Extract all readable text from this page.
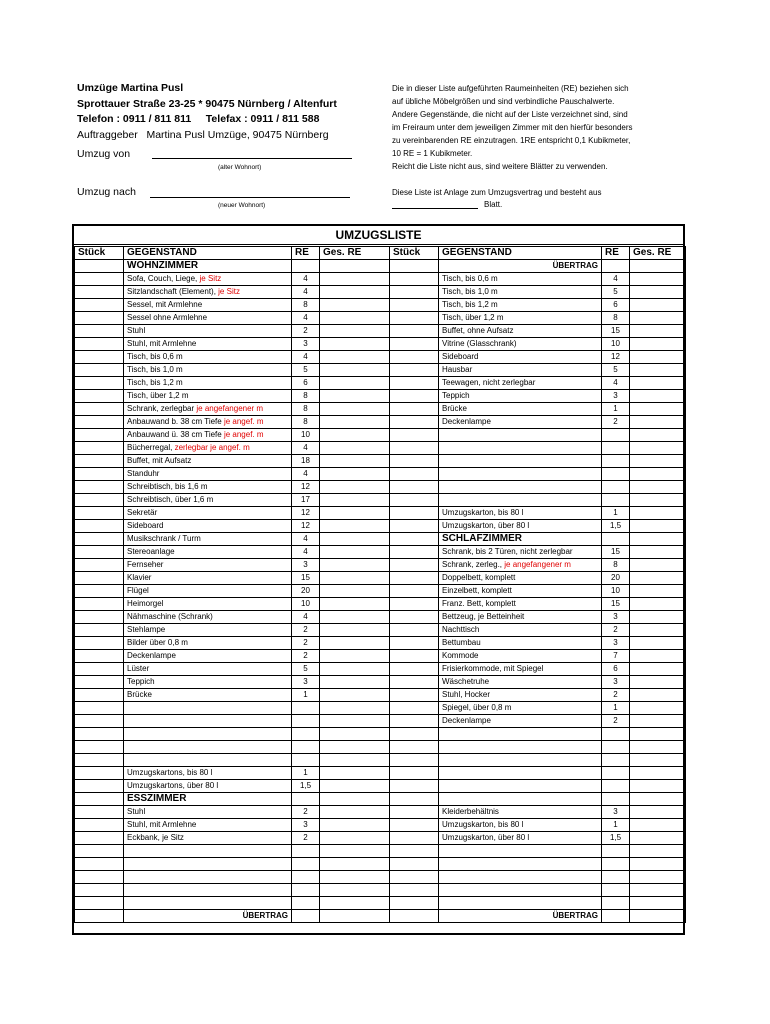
Umzüge Martina Pusl
Sprottauer Straße 23-25 * 90475 Nürnberg / Altenfurt
Telefon : 0911 / 811 811     Telefax : 0911 / 811 588
Auftraggeber   Martina Pusl Umzüge, 90475 Nürnberg
Die in dieser Liste aufgeführten Raumeinheiten (RE) beziehen sich
auf übliche Möbelgrößen und sind verbindliche Pauschalwerte.
Andere Gegenstände, die nicht auf der Liste verzeichnet sind, sind
im Freiraum unter dem jeweiligen Zimmer mit den hierfür besonders
zu vereinbarenden RE einzutragen. 1RE entspricht 0,1 Kubikmeter,
10 RE = 1 Kubikmeter.
Reicht die Liste nicht aus, sind weitere Blätter zu verwenden.
Diese Liste ist Anlage zum Umzugsvertrag und besteht aus
Umzug von
(alter Wohnort)
Umzug nach
(neuer Wohnort)	Blatt.
UMZUGSLISTE
Stück	GEGENSTAND	RE	Ges. RE
	WOHNZIMMER		
	Sofa, Couch, Liege, je Sitz	4	
	Sitzlandschaft (Element), je Sitz	4	
	Sessel, mit Armlehne	8	
	Sessel ohne Armlehne	4	
	Stuhl	2	
	Stuhl, mit Armlehne	3	
	Tisch, bis 0,6 m	4	
	Tisch, bis 1,0 m	5	
	Tisch, bis 1,2 m	6	
	Tisch, über 1,2 m	8	
	Schrank, zerlegbar je angefangener m	8	
	Anbauwand b. 38 cm Tiefe je angef. m	8	
	Anbauwand ü. 38 cm Tiefe je angef. m	10	
	Bücherregal, zerlegbar je angef. m	4	
	Buffet, mit Aufsatz	18	
	Standuhr	4	
	Schreibtisch, bis 1,6 m	12	
	Schreibtisch, über 1,6 m	17	
	Sekretär	12	
	Sideboard	12	
	Musikschrank / Turm	4	
	Stereoanlage	4	
	Fernseher	3	
	Klavier	15	
	Flügel	20	
	Heimorgel	10	
	Nähmaschine (Schrank)	4	
	Stehlampe	2	
	Bilder über 0,8 m	2	
	Deckenlampe	2	
	Lüster	5	
	Teppich	3	
	Brücke	1	

	Umzugskartons, bis 80 l	1	
	Umzugskartons, über 80 l	1,5	
	ESSZIMMER		
	Stuhl	2	
	Stuhl, mit Armlehne	3	
	Eckbank, je Sitz	2	

	ÜBERTRAG		
Stück	GEGENSTAND	RE	Ges. RE
	ÜBERTRAG		
	Tisch, bis 0,6 m	4	
	Tisch, bis 1,0 m	5	
	Tisch, bis 1,2 m	6	
	Tisch, über 1,2 m	8	
	Buffet, ohne Aufsatz	15	
	Vitrine (Glasschrank)	10	
	Sideboard	12	
	Hausbar	5	
	Teewagen, nicht zerlegbar	4	
	Teppich	3	
	Brücke	1	
	Deckenlampe	2	

	Umzugskarton, bis 80 l	1	
	Umzugskarton, über 80 l	1,5	
	SCHLAFZIMMER		
	Schrank, bis 2 Türen, nicht zerlegbar	15	
	Schrank, zerleg., je angefangener m	8	
	Doppelbett, komplett	20	
	Einzelbett, komplett	10	
	Franz. Bett, komplett	15	
	Bettzeug, je Betteinheit	3	
	Nachttisch	2	
	Bettumbau	3	
	Kommode	7	
	Frisierkommode, mit Spiegel	6	
	Wäschetruhe	3	
	Stuhl, Hocker	2	
	Spiegel, über 0,8 m	1	
	Deckenlampe	2	

	Kleiderbehältnis	3	
	Umzugskarton, bis 80 l	1	
	Umzugskarton, über 80 l	1,5	

	ÜBERTRAG		
